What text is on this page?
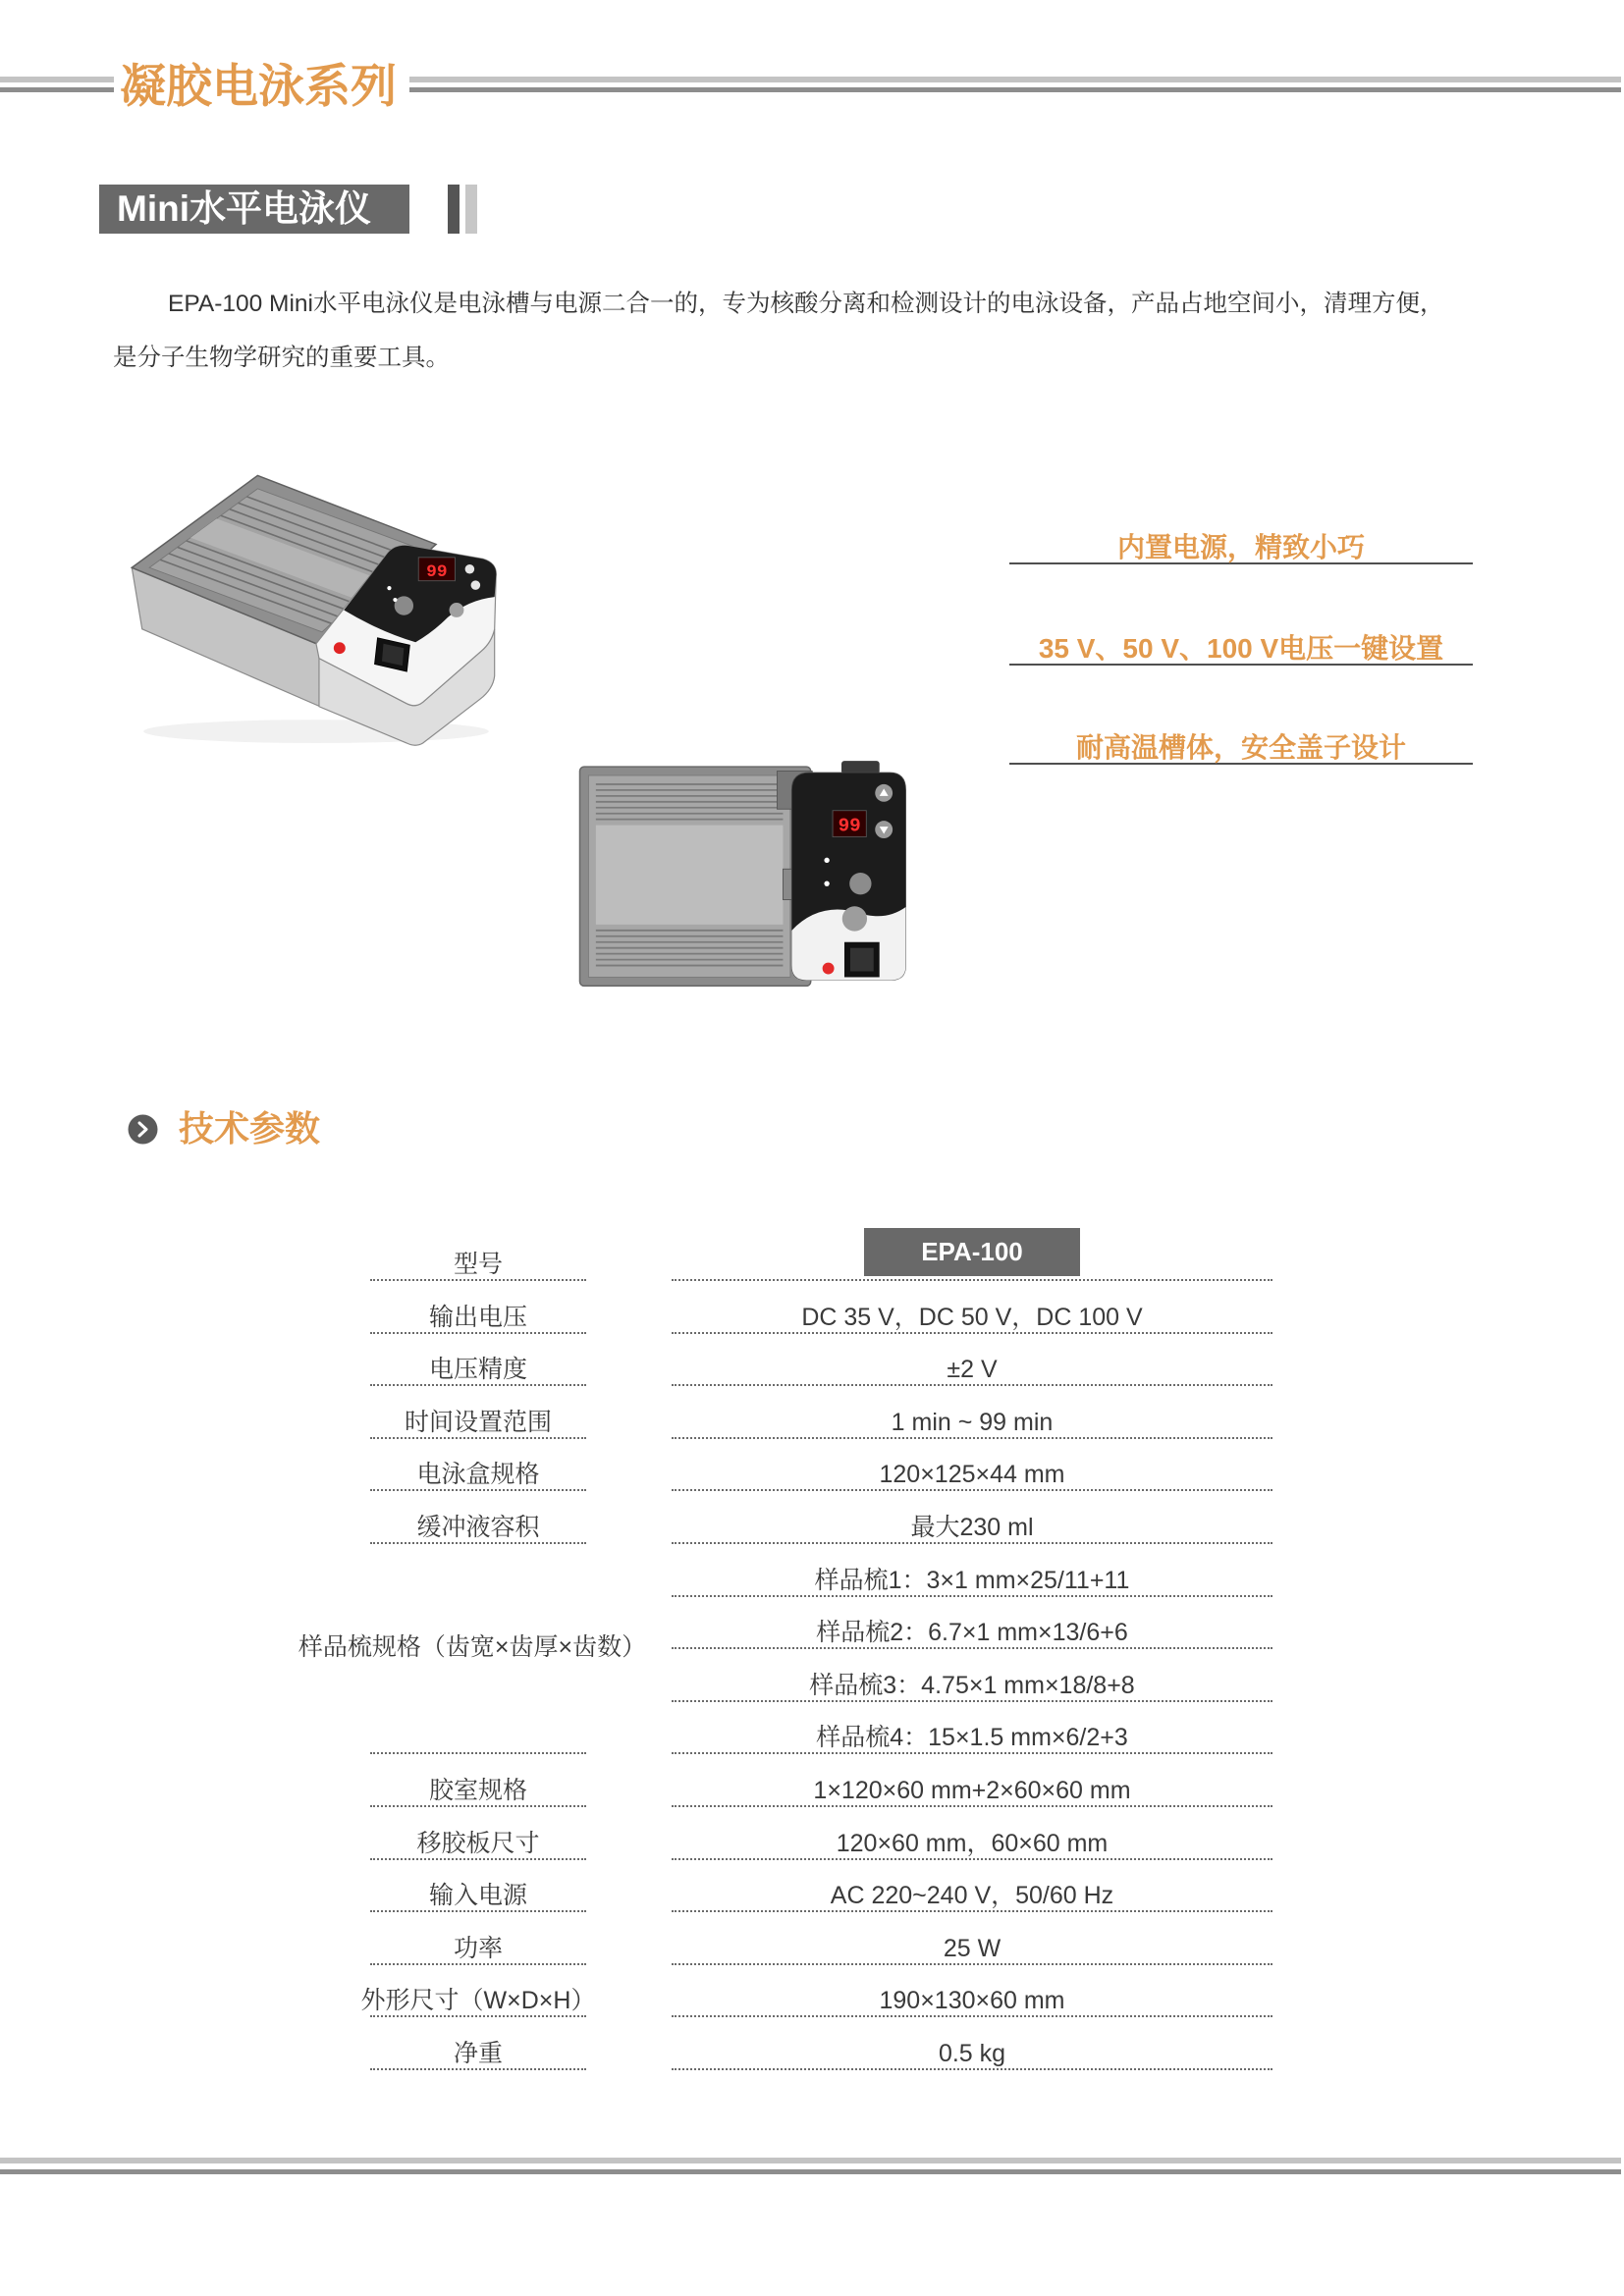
凝胶电泳系列
Mini水平电泳仪
EPA-100 Mini水平电泳仪是电泳槽与电源二合一的，专为核酸分离和检测设计的电泳设备，产品占地空间小，清理方便，
是分子生物学研究的重要工具。
99
99
内置电源，精致小巧
35 V、50 V、100 V电压一键设置
耐高温槽体，安全盖子设计
技术参数
型号	EPA-100
输出电压	DC 35 V，DC 50 V，DC 100 V
电压精度	±2 V
时间设置范围	1 min ~ 99 min
电泳盒规格	120×125×44 mm
缓冲液容积	最大230 ml
样品梳规格（齿宽×齿厚×齿数）
样品梳1：3×1 mm×25/11+11
样品梳2：6.7×1 mm×13/6+6
样品梳3：4.75×1 mm×18/8+8
样品梳4：15×1.5 mm×6/2+3
胶室规格	1×120×60 mm+2×60×60 mm
移胶板尺寸	120×60 mm，60×60 mm
输入电源	AC 220~240 V，50/60 Hz
功率	25 W
外形尺寸（W×D×H）	190×130×60 mm
净重	0.5 kg
